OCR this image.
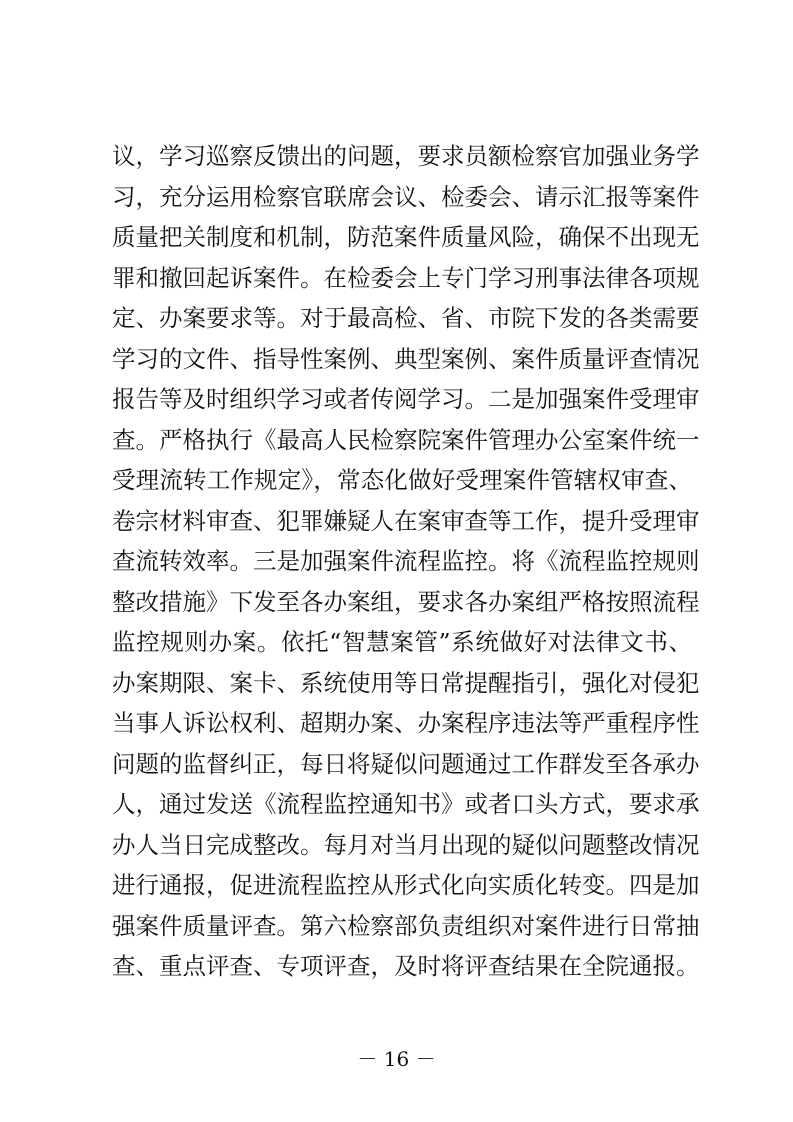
议，学习巡察反馈出的问题，要求员额检察官加强业务学
习，充分运用检察官联席会议、检委会、请示汇报等案件
质量把关制度和机制，防范案件质量风险，确保不出现无
罪和撤回起诉案件。在检委会上专门学习刑事法律各项规
定、办案要求等。对于最高检、省、市院下发的各类需要
学习的文件、指导性案例、典型案例、案件质量评查情况
报告等及时组织学习或者传阅学习。二是加强案件受理审
查。严格执行《最高人民检察院案件管理办公室案件统一
受理流转工作规定》，常态化做好受理案件管辖权审查、
卷宗材料审查、犯罪嫌疑人在案审查等工作，提升受理审
查流转效率。三是加强案件流程监控。将《流程监控规则
整改措施》下发至各办案组，要求各办案组严格按照流程
监控规则办案。依托“智慧案管”系统做好对法律文书、
办案期限、案卡、系统使用等日常提醒指引，强化对侵犯
当事人诉讼权利、超期办案、办案程序违法等严重程序性
问题的监督纠正，每日将疑似问题通过工作群发至各承办
人，通过发送《流程监控通知书》或者口头方式，要求承
办人当日完成整改。每月对当月出现的疑似问题整改情况
进行通报，促进流程监控从形式化向实质化转变。四是加
强案件质量评查。第六检察部负责组织对案件进行日常抽
查、重点评查、专项评查，及时将评查结果在全院通报。
－ 16 －
